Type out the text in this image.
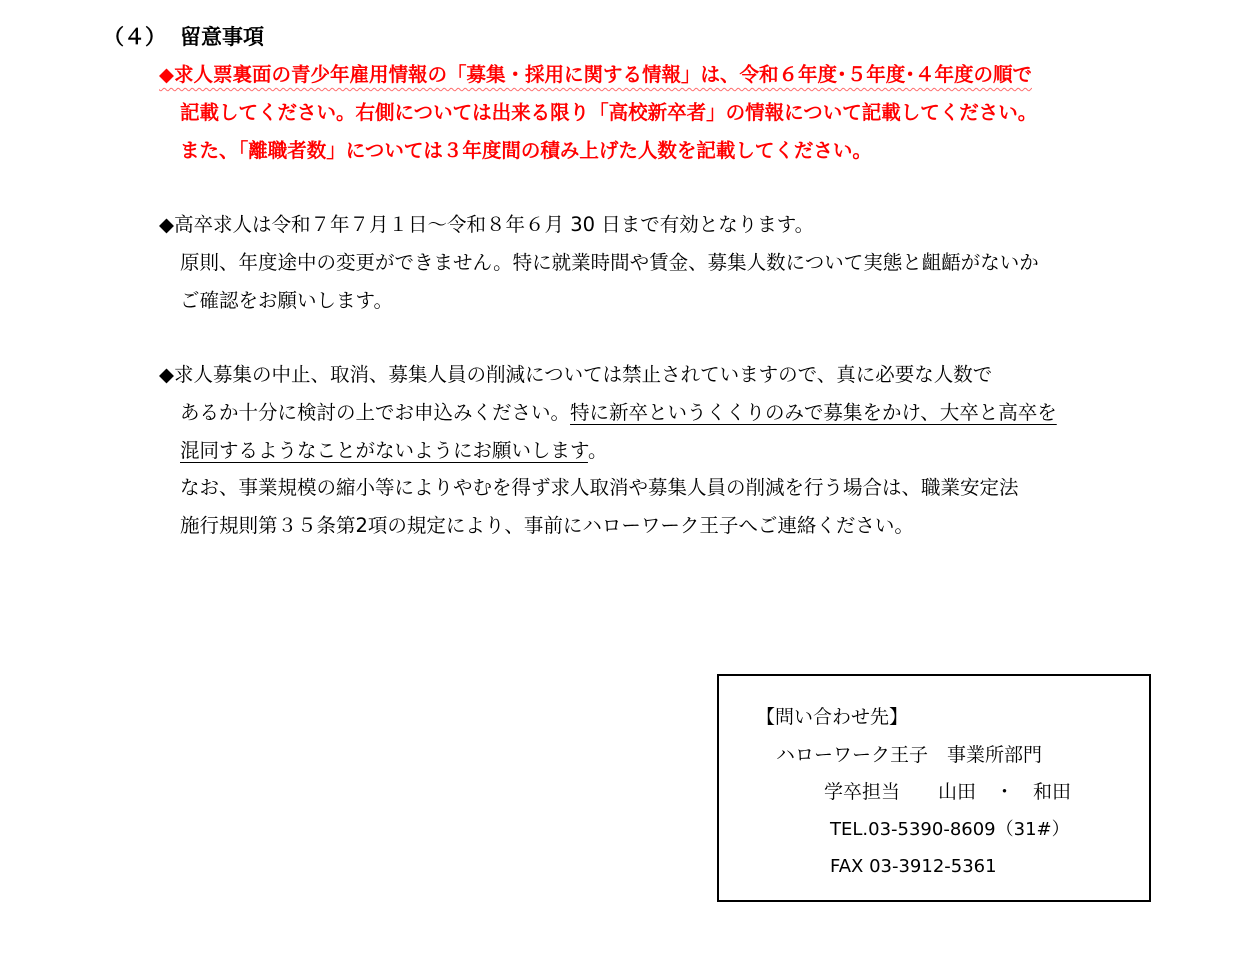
（４） 留意事項
◆求人票裏面の青少年雇用情報の「募集・採用に関する情報」は、令和６年度･５年度･４年度の順で
記載してください。右側については出来る限り「高校新卒者」の情報について記載してください。
また、「離職者数」については３年度間の積み上げた人数を記載してください。
◆高卒求人は令和７年７月１日～令和８年６月 30 日まで有効となります。
原則、年度途中の変更ができません。特に就業時間や賃金、募集人数について実態と齟齬がないか
ご確認をお願いします。
◆求人募集の中止、取消、募集人員の削減については禁止されていますので、真に必要な人数で
あるか十分に検討の上でお申込みください。特に新卒というくくりのみで募集をかけ、大卒と高卒を
混同するようなことがないようにお願いします。
なお、事業規模の縮小等によりやむを得ず求人取消や募集人員の削減を行う場合は、職業安定法
施行規則第３５条第2項の規定により、事前にハローワーク王子へご連絡ください。
【問い合わせ先】
ハローワーク王子　事業所部門
学卒担当　　山田　・　和田
TEL.03-5390-8609（31#）
FAX 03-3912-5361
